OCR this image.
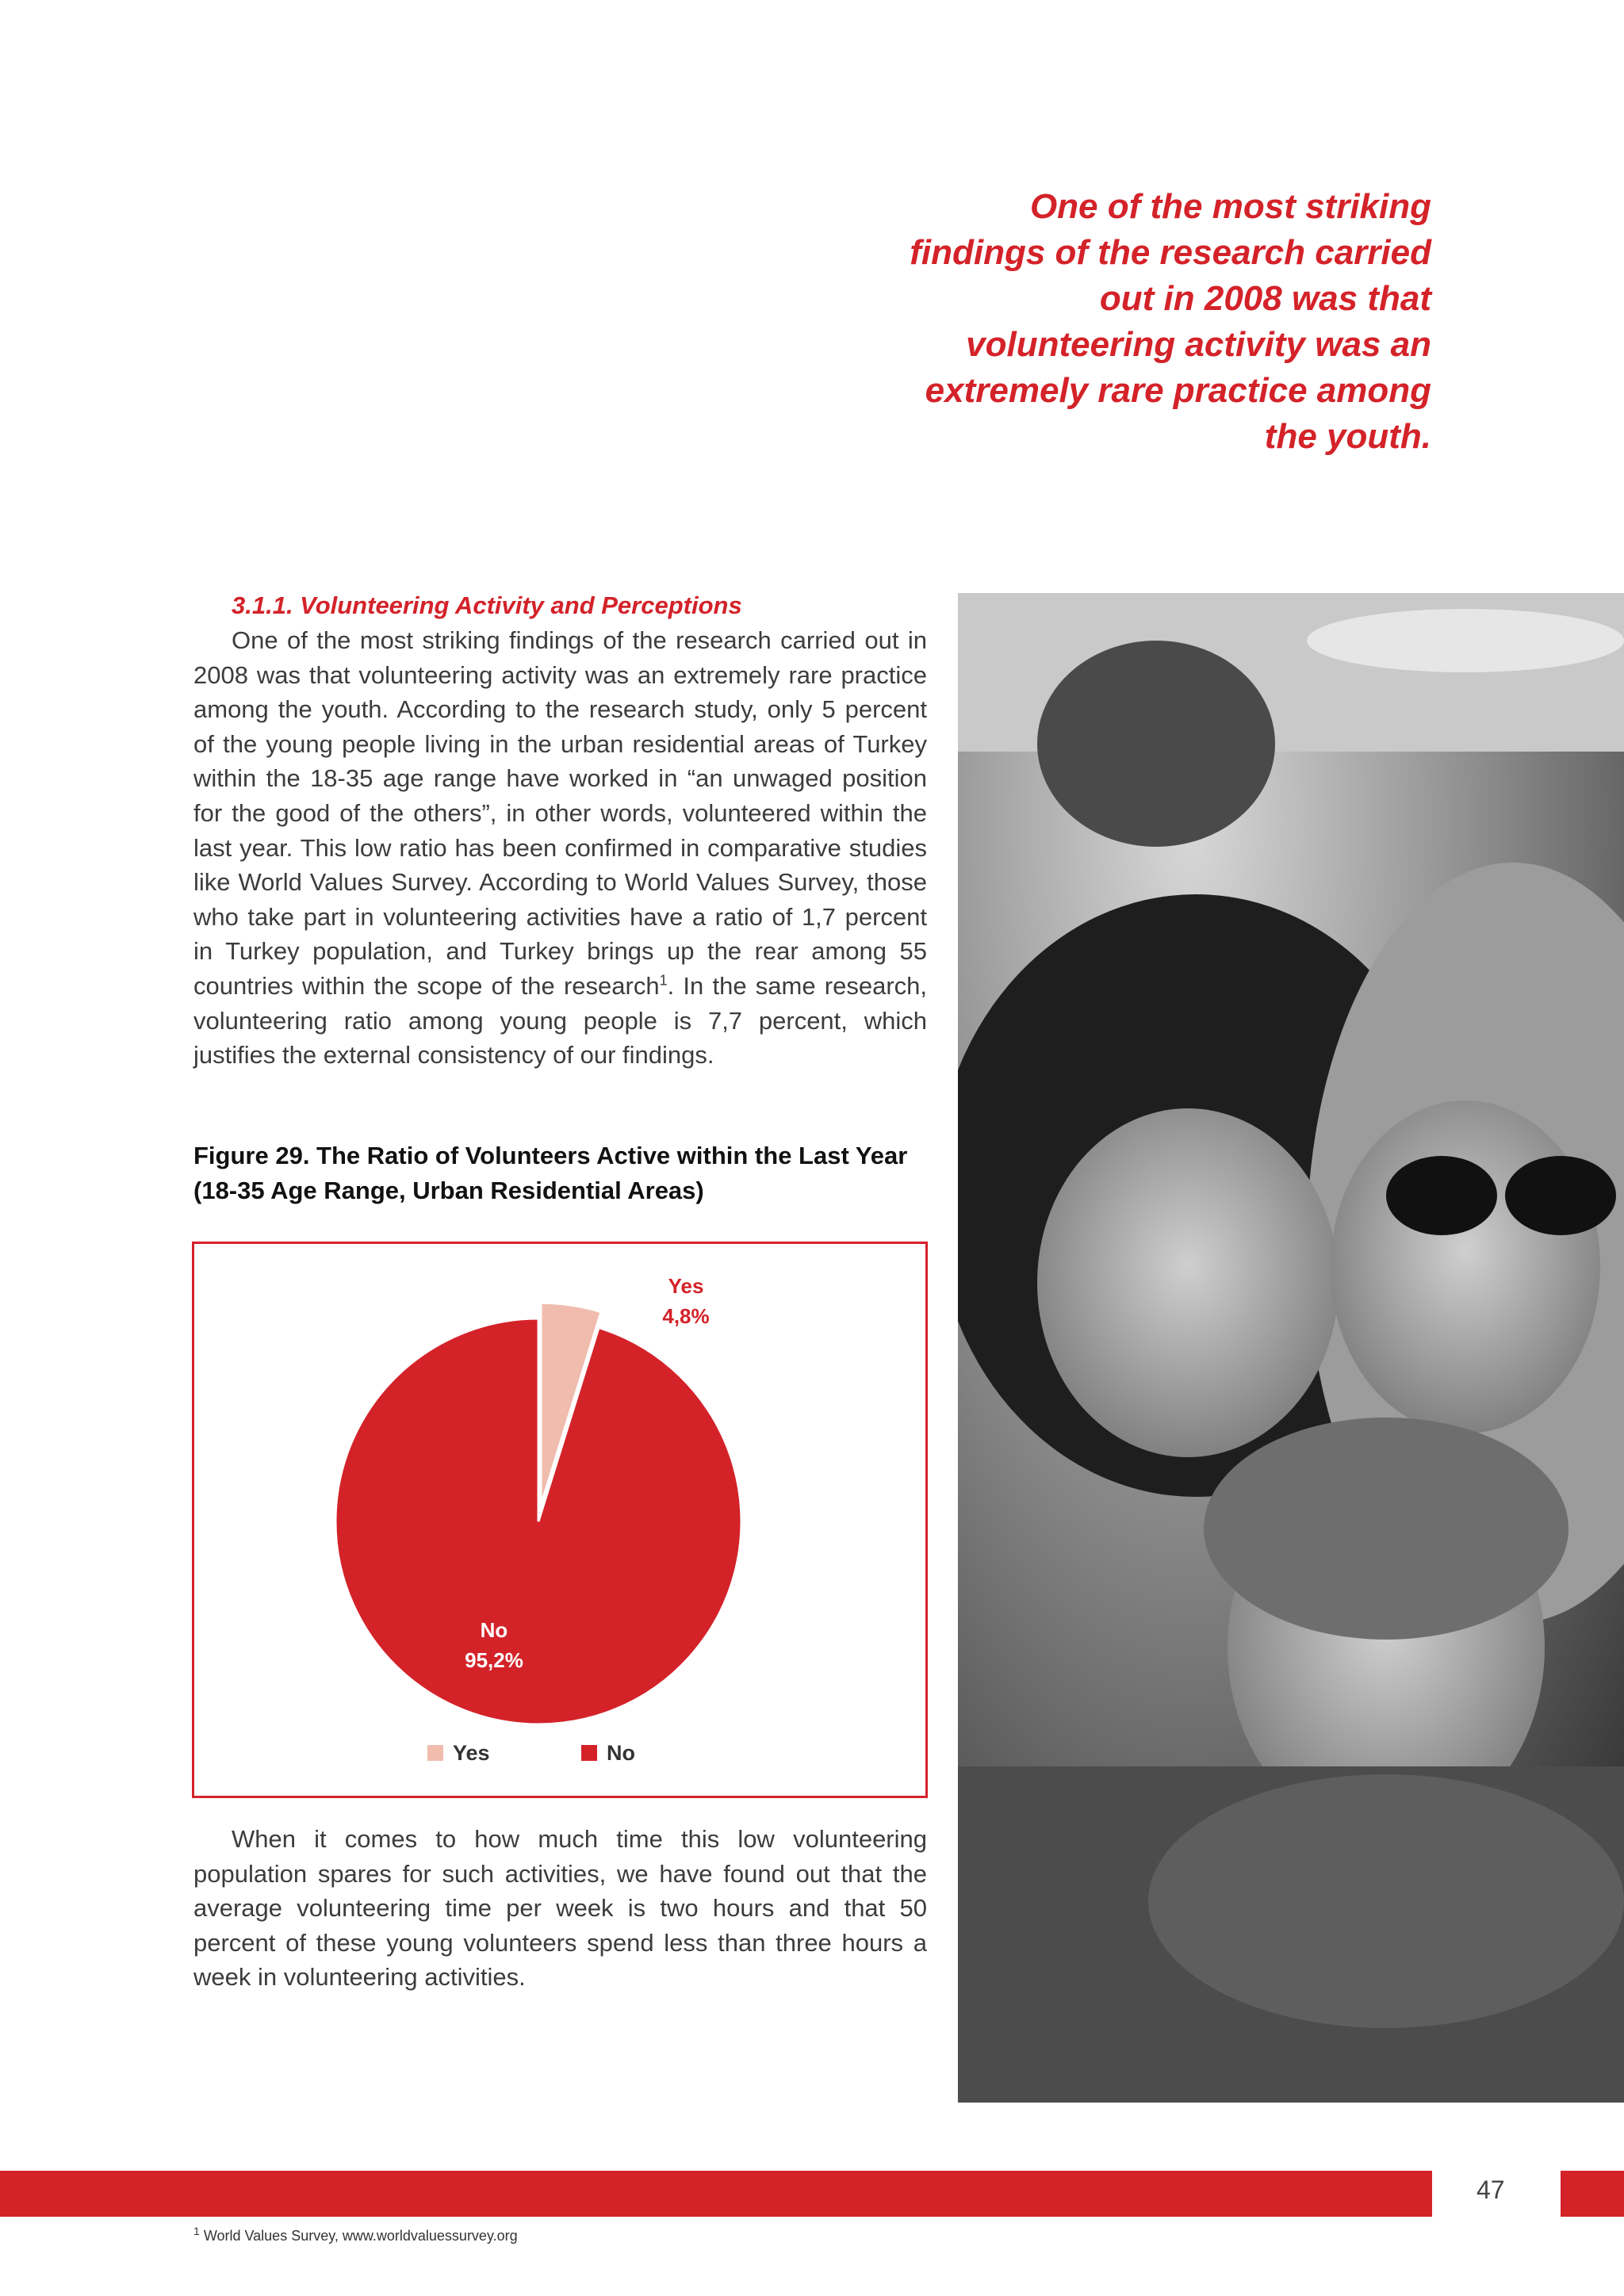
One of the most striking
findings of the research carried
out in 2008 was that
volunteering activity was an
extremely rare practice among
the youth.
3.1.1. Volunteering Activity and Perceptions
One of the most striking findings of the research carried out in 2008 was that volunteering activity was an extremely rare practice among the youth. According to the research study, only 5 percent of the young people living in the urban residential areas of Turkey within the 18-35 age range have worked in “an unwaged position for the good of the others”, in other words, volunteered within the last year. This low ratio has been confirmed in comparative studies like World Values Survey. According to World Values Survey, those who take part in volunteering activities have a ratio of 1,7 percent in Turkey population, and Turkey brings up the rear among 55 countries within the scope of the research$^1$. In the same research, volunteering ratio among young people is 7,7 percent, which justifies the external consistency of our findings.
Figure 29. The Ratio of Volunteers Active within the Last Year
(18-35 Age Range, Urban Residential Areas)
Yes
4,8%
No
95,2%
Yes	No
When it comes to how much time this low volunteering population spares for such activities, we have found out that the average volunteering time per week is two hours and that 50 percent of these young volunteers spend less than three hours a week in volunteering activities.
47
$^1$ World Values Survey, www.worldvaluessurvey.org
